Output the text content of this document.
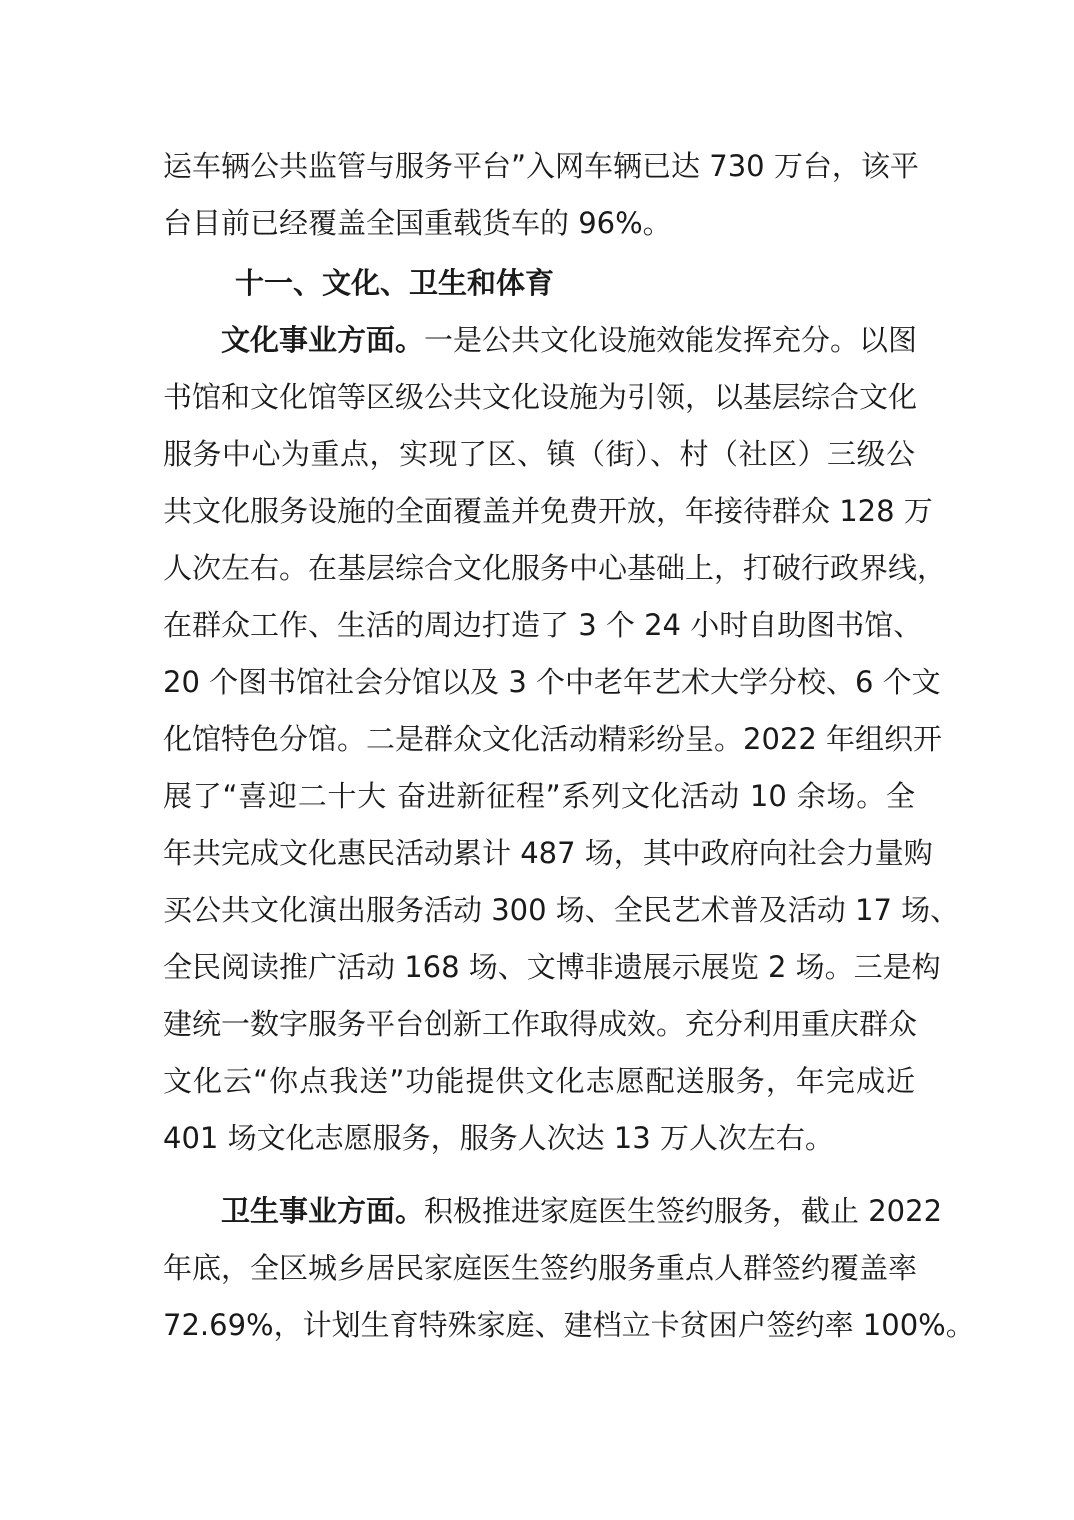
运车辆公共监管与服务平台”入网车辆已达 730 万台，该平
台目前已经覆盖全国重载货车的 96%。
十一、文化、卫生和体育
文化事业方面。一是公共文化设施效能发挥充分。以图
书馆和文化馆等区级公共文化设施为引领，以基层综合文化
服务中心为重点，实现了区、镇（街）、村（社区）三级公
共文化服务设施的全面覆盖并免费开放，年接待群众 128 万
人次左右。在基层综合文化服务中心基础上，打破行政界线，
在群众工作、生活的周边打造了 3 个 24 小时自助图书馆、
20 个图书馆社会分馆以及 3 个中老年艺术大学分校、6 个文
化馆特色分馆。二是群众文化活动精彩纷呈。2022 年组织开
展了“喜迎二十大 奋进新征程”系列文化活动 10 余场。全
年共完成文化惠民活动累计 487 场，其中政府向社会力量购
买公共文化演出服务活动 300 场、全民艺术普及活动 17 场、
全民阅读推广活动 168 场、文博非遗展示展览 2 场。三是构
建统一数字服务平台创新工作取得成效。充分利用重庆群众
文化云“你点我送”功能提供文化志愿配送服务，年完成近
401 场文化志愿服务，服务人次达 13 万人次左右。
卫生事业方面。积极推进家庭医生签约服务，截止 2022
年底，全区城乡居民家庭医生签约服务重点人群签约覆盖率
72.69%，计划生育特殊家庭、建档立卡贫困户签约率 100%。
